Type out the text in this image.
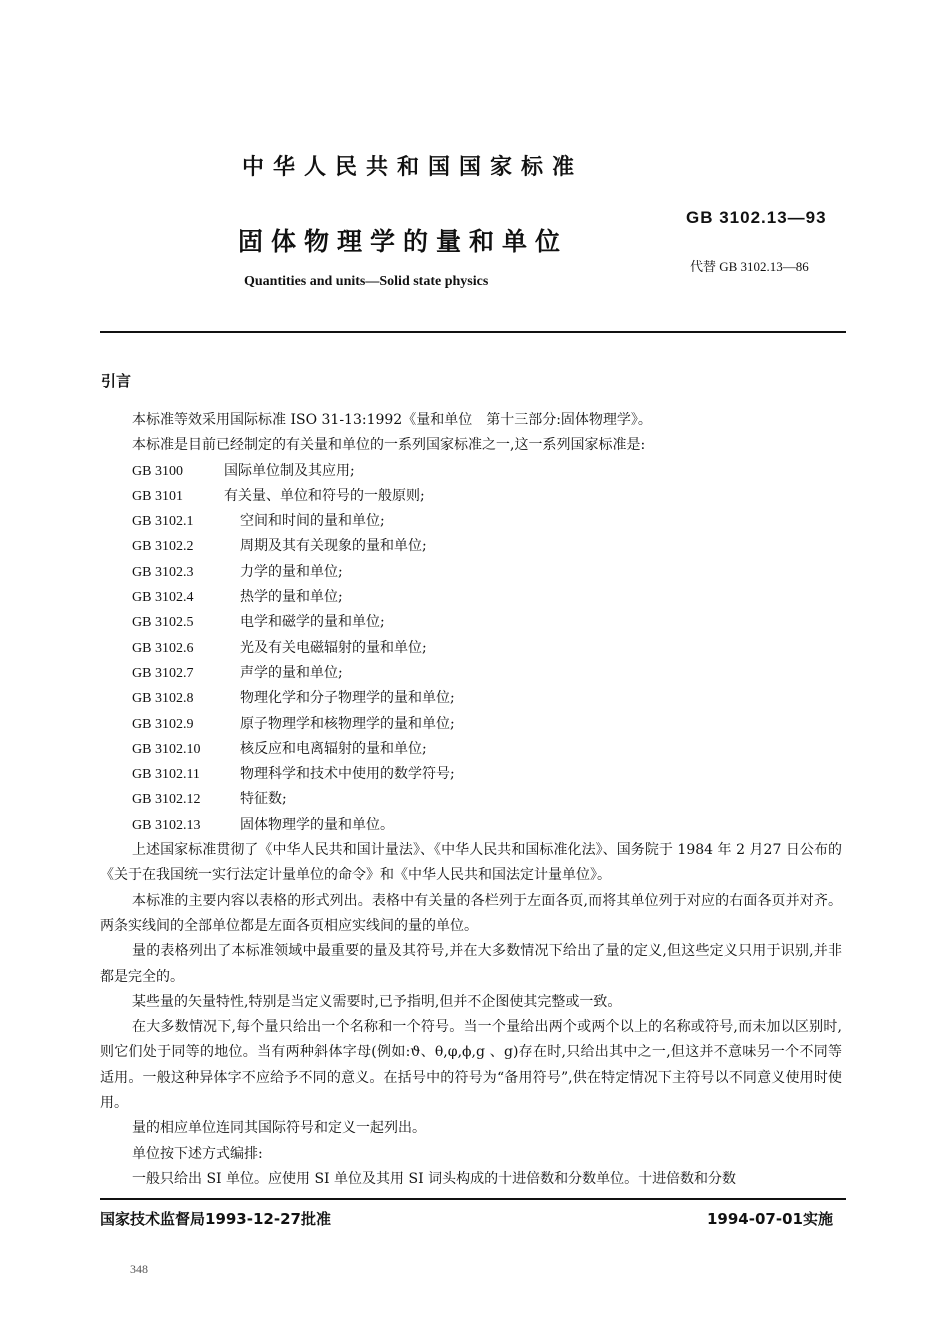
中华人民共和国国家标准
固体物理学的量和单位
Quantities and units—Solid state physics
GB 3102.13—93
代替 GB 3102.13—86
引言

本标准等效采用国际标准 ISO 31-13:1992《量和单位　第十三部分:固体物理学》。

本标准是目前已经制定的有关量和单位的一系列国家标准之一,这一系列国家标准是:

GB 3100	国际单位制及其应用;

GB 3101	有关量、单位和符号的一般原则;

GB 3102.1	空间和时间的量和单位;

GB 3102.2	周期及其有关现象的量和单位;

GB 3102.3	力学的量和单位;

GB 3102.4	热学的量和单位;

GB 3102.5	电学和磁学的量和单位;

GB 3102.6	光及有关电磁辐射的量和单位;

GB 3102.7	声学的量和单位;

GB 3102.8	物理化学和分子物理学的量和单位;

GB 3102.9	原子物理学和核物理学的量和单位;

GB 3102.10	核反应和电离辐射的量和单位;

GB 3102.11	物理科学和技术中使用的数学符号;

GB 3102.12	特征数;

GB 3102.13	固体物理学的量和单位。

上述国家标准贯彻了《中华人民共和国计量法》、《中华人民共和国标准化法》、国务院于 1984 年 2 月27 日公布的《关于在我国统一实行法定计量单位的命令》和《中华人民共和国法定计量单位》。

本标准的主要内容以表格的形式列出。表格中有关量的各栏列于左面各页,而将其单位列于对应的右面各页并对齐。两条实线间的全部单位都是左面各页相应实线间的量的单位。

量的表格列出了本标准领域中最重要的量及其符号,并在大多数情况下给出了量的定义,但这些定义只用于识别,并非都是完全的。

某些量的矢量特性,特别是当定义需要时,已予指明,但并不企图使其完整或一致。

在大多数情况下,每个量只给出一个名称和一个符号。当一个量给出两个或两个以上的名称或符号,而未加以区别时,则它们处于同等的地位。当有两种斜体字母(例如:ϑ、θ,φ,ϕ,g 、g)存在时,只给出其中之一,但这并不意味另一个不同等适用。一般这种异体字不应给予不同的意义。在括号中的符号为“备用符号”,供在特定情况下主符号以不同意义使用时使用。

量的相应单位连同其国际符号和定义一起列出。

单位按下述方式编排:

一般只给出 SI 单位。应使用 SI 单位及其用 SI 词头构成的十进倍数和分数单位。十进倍数和分数

国家技术监督局1993-12-27批准	1994-07-01实施
348
